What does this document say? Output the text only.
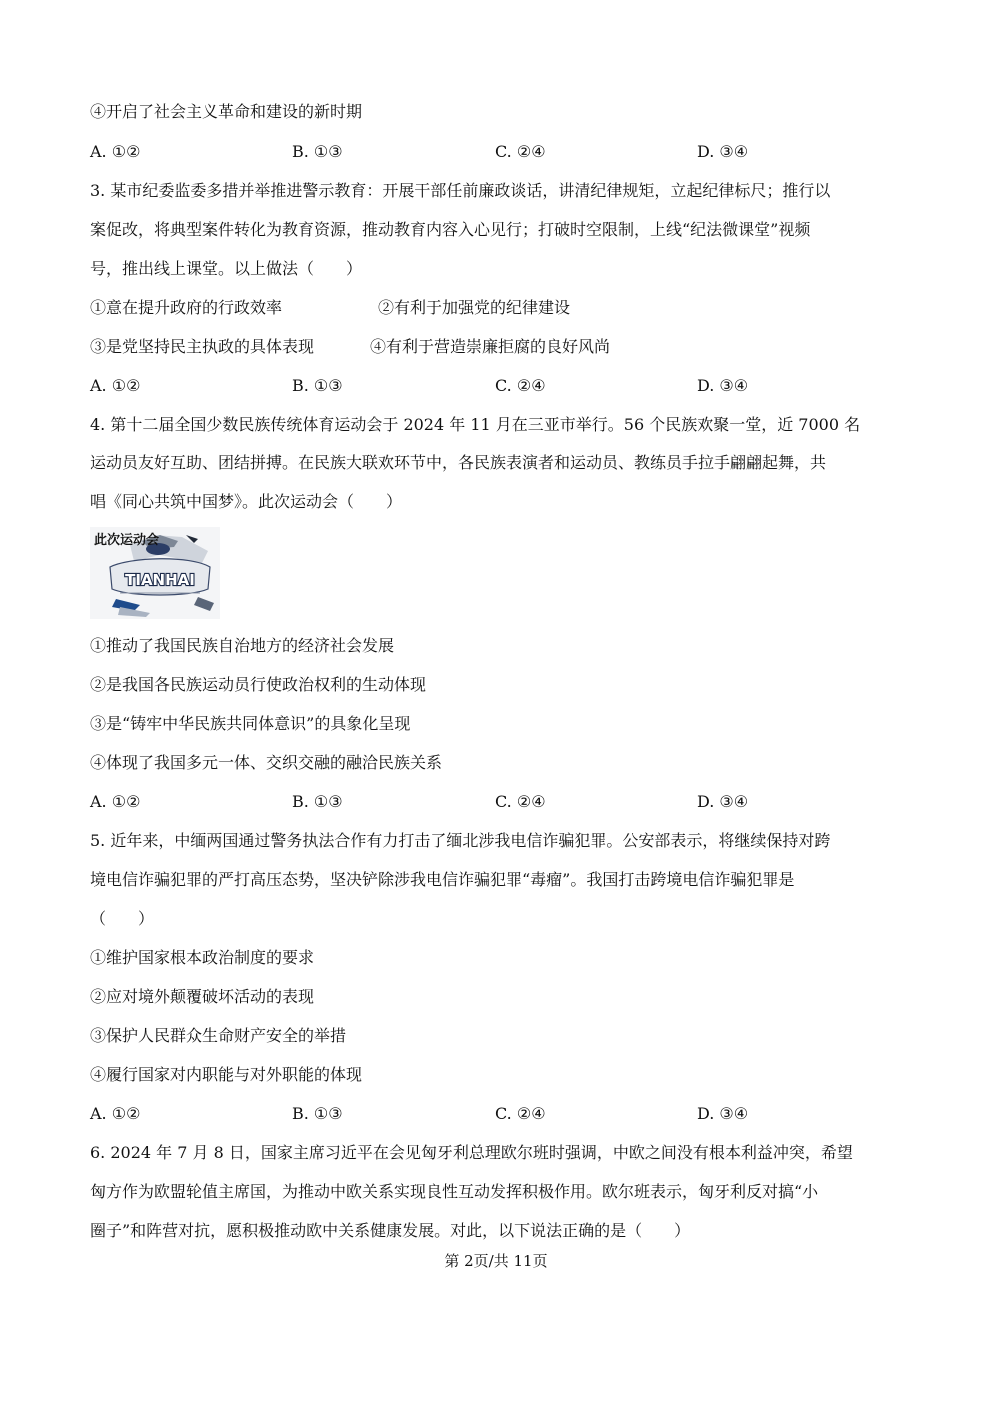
④开启了社会主义革命和建设的新时期
A. ①②	B. ①③	C. ②④	D. ③④
3. 某市纪委监委多措并举推进警示教育：开展干部任前廉政谈话，讲清纪律规矩，立起纪律标尺；推行以
案促改，将典型案件转化为教育资源，推动教育内容入心见行；打破时空限制，上线“纪法微课堂”视频
号，推出线上课堂。以上做法（　　）
①意在提升政府的行政效率	②有利于加强党的纪律建设
③是党坚持民主执政的具体表现	④有利于营造崇廉拒腐的良好风尚
A. ①②	B. ①③	C. ②④	D. ③④
4. 第十二届全国少数民族传统体育运动会于 2024 年 11 月在三亚市举行。56 个民族欢聚一堂，近 7000 名
运动员友好互助、团结拼搏。在民族大联欢环节中，各民族表演者和运动员、教练员手拉手翩翩起舞，共
唱《同心共筑中国梦》。此次运动会（　　）
此次运动会
TIANHAI
①推动了我国民族自治地方的经济社会发展
②是我国各民族运动员行使政治权利的生动体现
③是“铸牢中华民族共同体意识”的具象化呈现
④体现了我国多元一体、交织交融的融洽民族关系
A. ①②	B. ①③	C. ②④	D. ③④
5. 近年来，中缅两国通过警务执法合作有力打击了缅北涉我电信诈骗犯罪。公安部表示，将继续保持对跨
境电信诈骗犯罪的严打高压态势，坚决铲除涉我电信诈骗犯罪“毒瘤”。我国打击跨境电信诈骗犯罪是
（　　）
①维护国家根本政治制度的要求
②应对境外颠覆破坏活动的表现
③保护人民群众生命财产安全的举措
④履行国家对内职能与对外职能的体现
A. ①②	B. ①③	C. ②④	D. ③④
6. 2024 年 7 月 8 日，国家主席习近平在会见匈牙利总理欧尔班时强调，中欧之间没有根本利益冲突，希望
匈方作为欧盟轮值主席国，为推动中欧关系实现良性互动发挥积极作用。欧尔班表示，匈牙利反对搞“小
圈子”和阵营对抗，愿积极推动欧中关系健康发展。对此，以下说法正确的是（　　）
第 2页/共 11页
